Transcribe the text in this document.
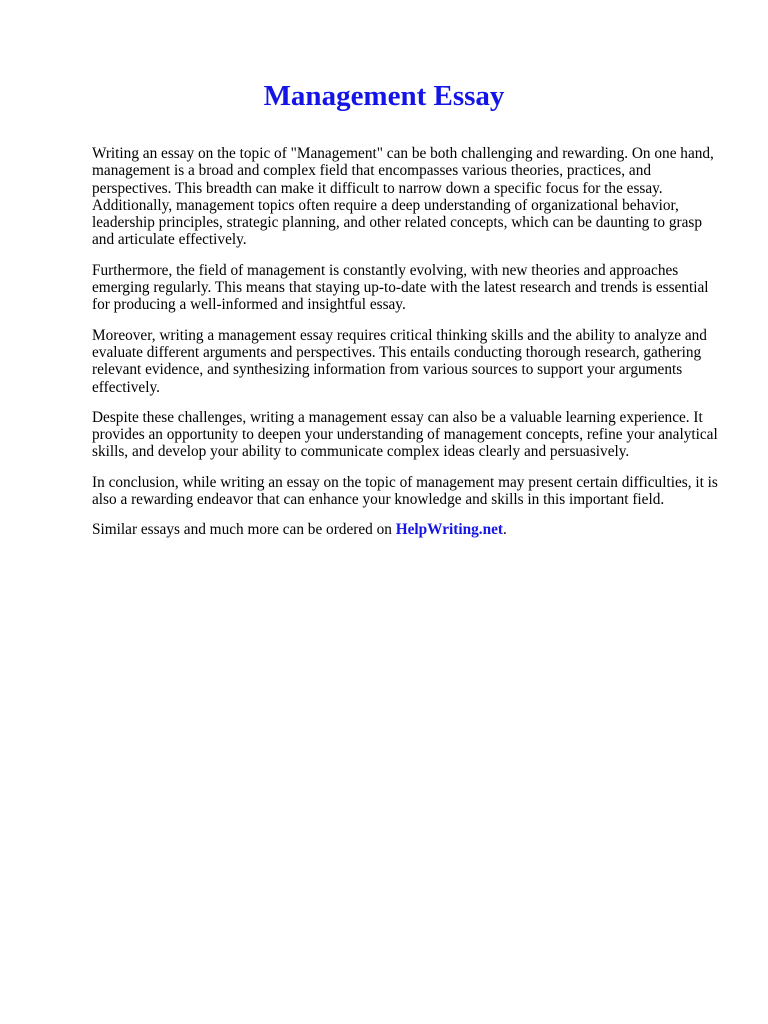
Management Essay

Writing an essay on the topic of "Management" can be both challenging and rewarding. On one hand, management is a broad and complex field that encompasses various theories, practices, and perspectives. This breadth can make it difficult to narrow down a specific focus for the essay. Additionally, management topics often require a deep understanding of organizational behavior, leadership principles, strategic planning, and other related concepts, which can be daunting to grasp and articulate effectively.

Furthermore, the field of management is constantly evolving, with new theories and approaches emerging regularly. This means that staying up-to-date with the latest research and trends is essential for producing a well-informed and insightful essay.

Moreover, writing a management essay requires critical thinking skills and the ability to analyze and evaluate different arguments and perspectives. This entails conducting thorough research, gathering relevant evidence, and synthesizing information from various sources to support your arguments effectively.

Despite these challenges, writing a management essay can also be a valuable learning experience. It provides an opportunity to deepen your understanding of management concepts, refine your analytical skills, and develop your ability to communicate complex ideas clearly and persuasively.

In conclusion, while writing an essay on the topic of management may present certain difficulties, it is also a rewarding endeavor that can enhance your knowledge and skills in this important field.

Similar essays and much more can be ordered on HelpWriting.net.
